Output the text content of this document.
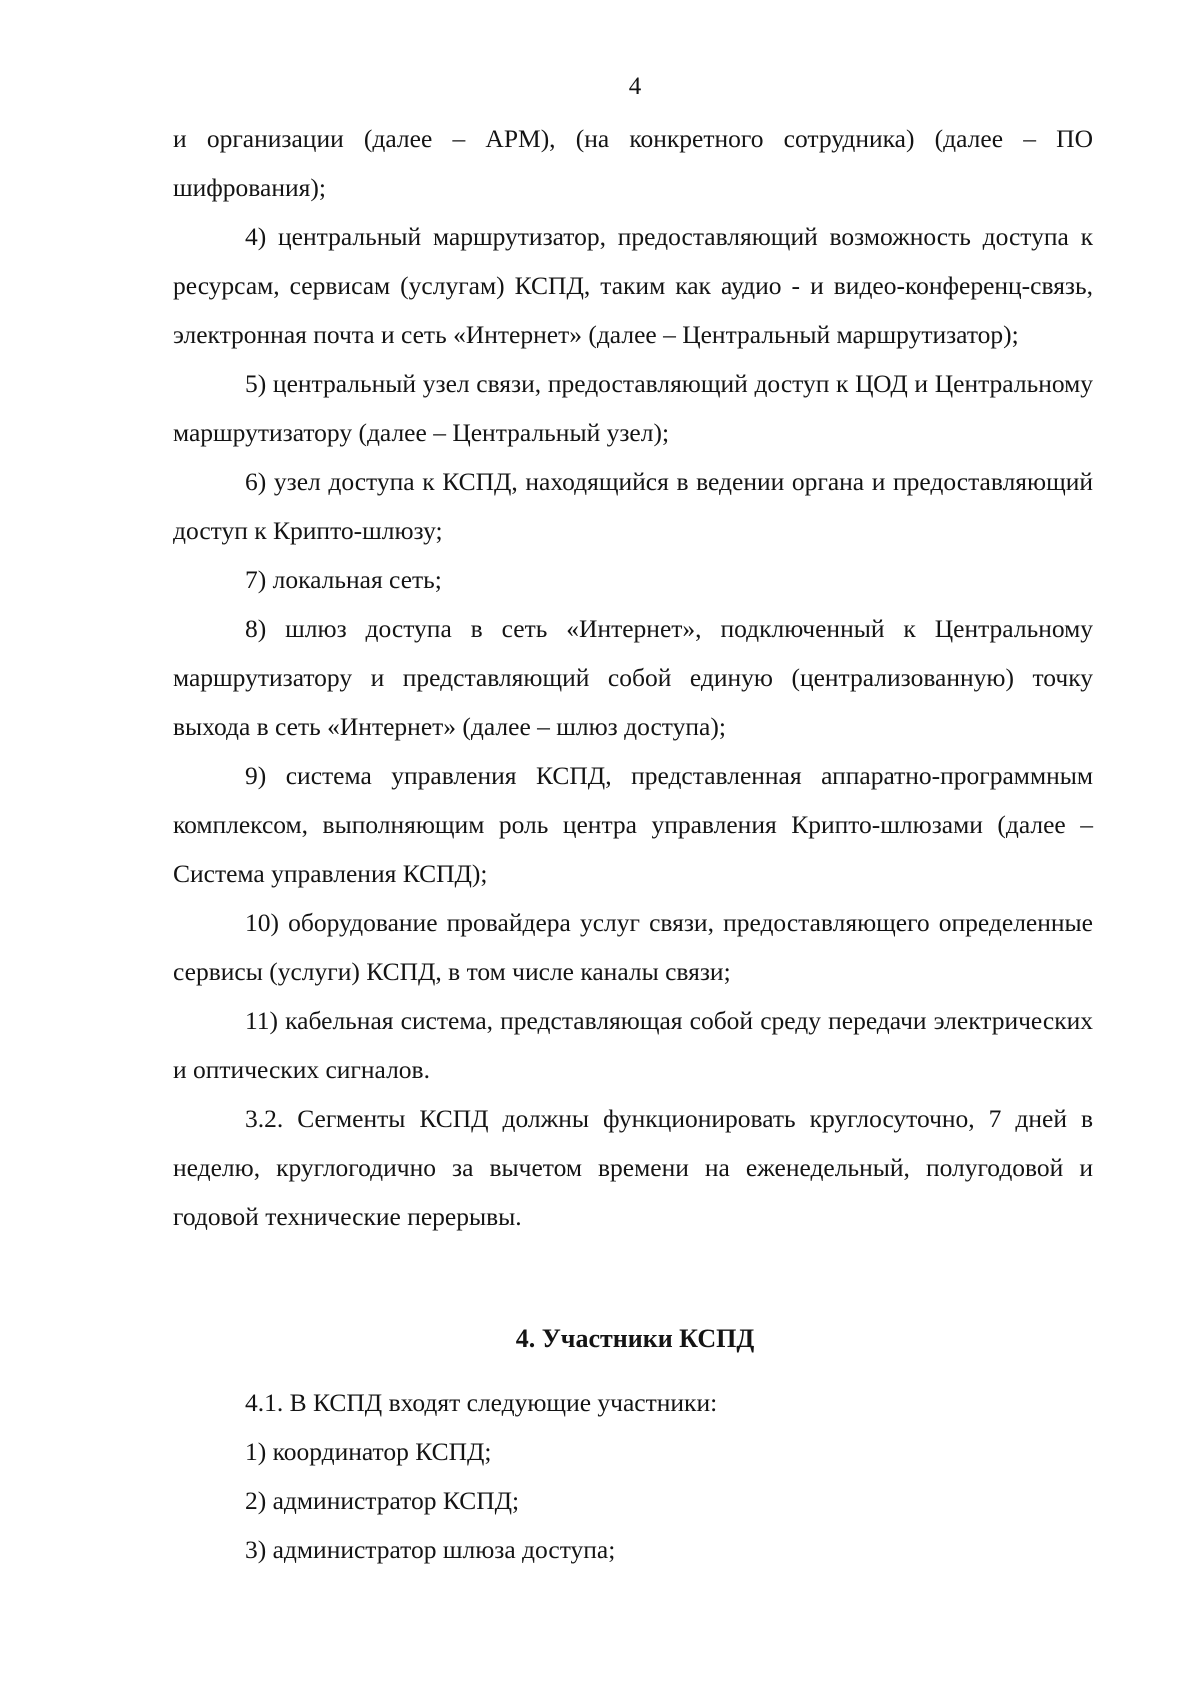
4

и организации (далее – АРМ), (на конкретного сотрудника) (далее – ПО шифрования);

4) центральный маршрутизатор, предоставляющий возможность доступа к ресурсам, сервисам (услугам) КСПД, таким как аудио - и видео-конференц-связь, электронная почта и сеть «Интернет» (далее – Центральный маршрутизатор);

5) центральный узел связи, предоставляющий доступ к ЦОД и Центральному маршрутизатору (далее – Центральный узел);

6) узел доступа к КСПД, находящийся в ведении органа и предоставляющий доступ к Крипто-шлюзу;

7) локальная сеть;

8) шлюз доступа в сеть «Интернет», подключенный к Центральному маршрутизатору и представляющий собой единую (централизованную) точку выхода в сеть «Интернет» (далее – шлюз доступа);

9) система управления КСПД, представленная аппаратно-программным комплексом, выполняющим роль центра управления Крипто-шлюзами (далее – Система управления КСПД);

10) оборудование провайдера услуг связи, предоставляющего определенные сервисы (услуги) КСПД, в том числе каналы связи;

11) кабельная система, представляющая собой среду передачи электрических и оптических сигналов.

3.2. Сегменты КСПД должны функционировать круглосуточно, 7 дней в неделю, круглогодично за вычетом времени на еженедельный, полугодовой и годовой технические перерывы.

4. Участники КСПД

4.1. В КСПД входят следующие участники:

1) координатор КСПД;

2) администратор КСПД;

3) администратор шлюза доступа;
